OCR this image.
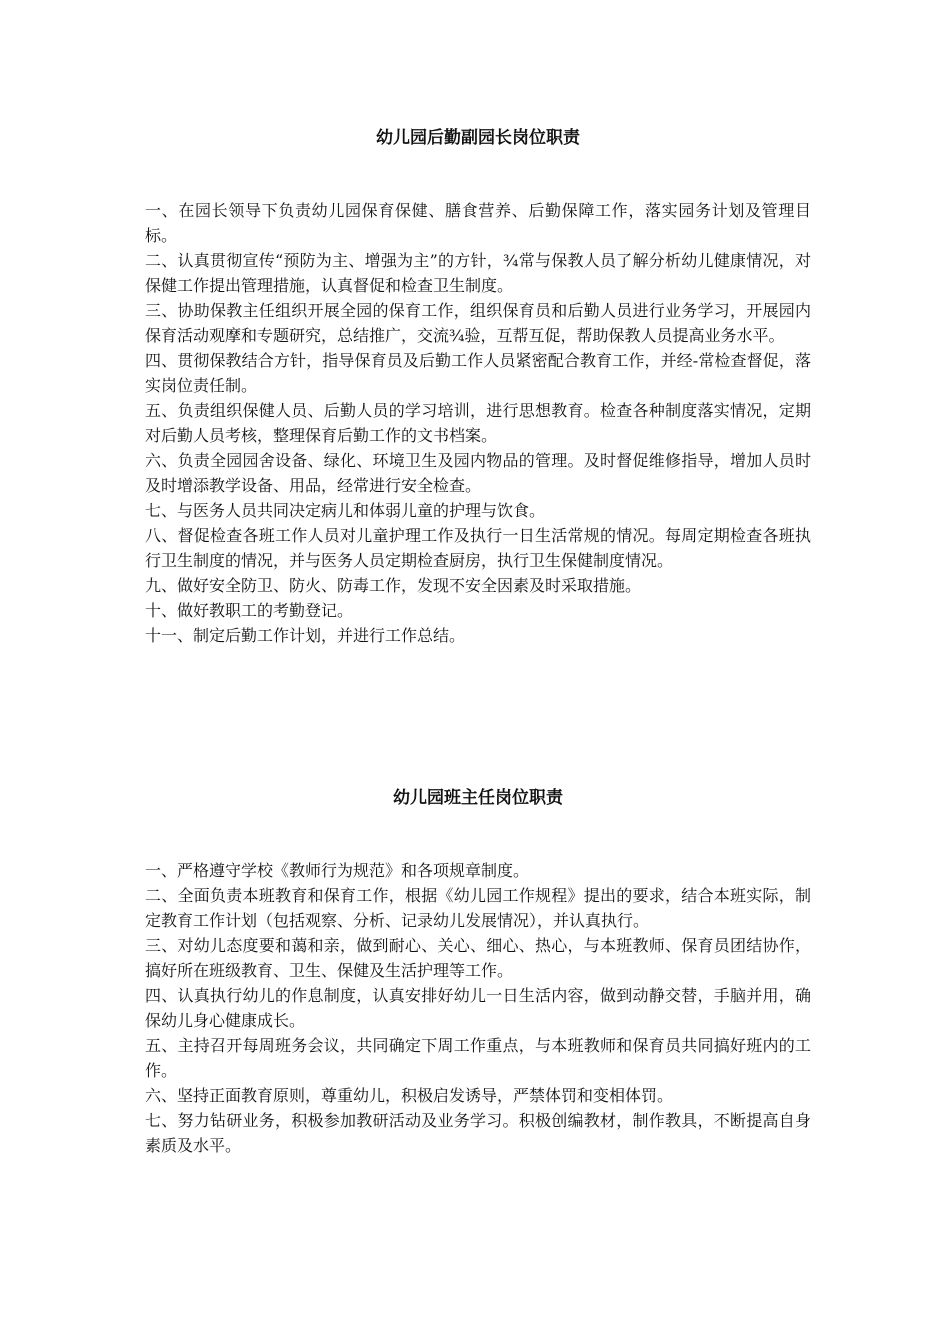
幼儿园后勤副园长岗位职责

一、在园长领导下负责幼儿园保育保健、膳食营养、后勤保障工作，落实园务计划及管理目标。

二、认真贯彻宣传“预防为主、增强为主”的方针，¾常与保教人员了解分析幼儿健康情况，对保健工作提出管理措施，认真督促和检查卫生制度。

三、协助保教主任组织开展全园的保育工作，组织保育员和后勤人员进行业务学习，开展园内保育活动观摩和专题研究，总结推广，交流¾验，互帮互促，帮助保教人员提高业务水平。

四、贯彻保教结合方针，指导保育员及后勤工作人员紧密配合教育工作，并经-常检查督促，落实岗位责任制。

五、负责组织保健人员、后勤人员的学习培训，进行思想教育。检查各种制度落实情况，定期对后勤人员考核，整理保育后勤工作的文书档案。

六、负责全园园舍设备、绿化、环境卫生及园内物品的管理。及时督促维修指导，增加人员时及时增添教学设备、用品，经常进行安全检查。

七、与医务人员共同决定病儿和体弱儿童的护理与饮食。

八、督促检查各班工作人员对儿童护理工作及执行一日生活常规的情况。每周定期检查各班执行卫生制度的情况，并与医务人员定期检查厨房，执行卫生保健制度情况。

九、做好安全防卫、防火、防毒工作，发现不安全因素及时采取措施。

十、做好教职工的考勤登记。

十一、制定后勤工作计划，并进行工作总结。

幼儿园班主任岗位职责

一、严格遵守学校《教师行为规范》和各项规章制度。

二、全面负责本班教育和保育工作，根据《幼儿园工作规程》提出的要求，结合本班实际，制定教育工作计划（包括观察、分析、记录幼儿发展情况），并认真执行。

三、对幼儿态度要和蔼和亲，做到耐心、关心、细心、热心，与本班教师、保育员团结协作，搞好所在班级教育、卫生、保健及生活护理等工作。

四、认真执行幼儿的作息制度，认真安排好幼儿一日生活内容，做到动静交替，手脑并用，确保幼儿身心健康成长。

五、主持召开每周班务会议，共同确定下周工作重点，与本班教师和保育员共同搞好班内的工作。

六、坚持正面教育原则，尊重幼儿，积极启发诱导，严禁体罚和变相体罚。

七、努力钻研业务，积极参加教研活动及业务学习。积极创编教材，制作教具，不断提高自身素质及水平。
